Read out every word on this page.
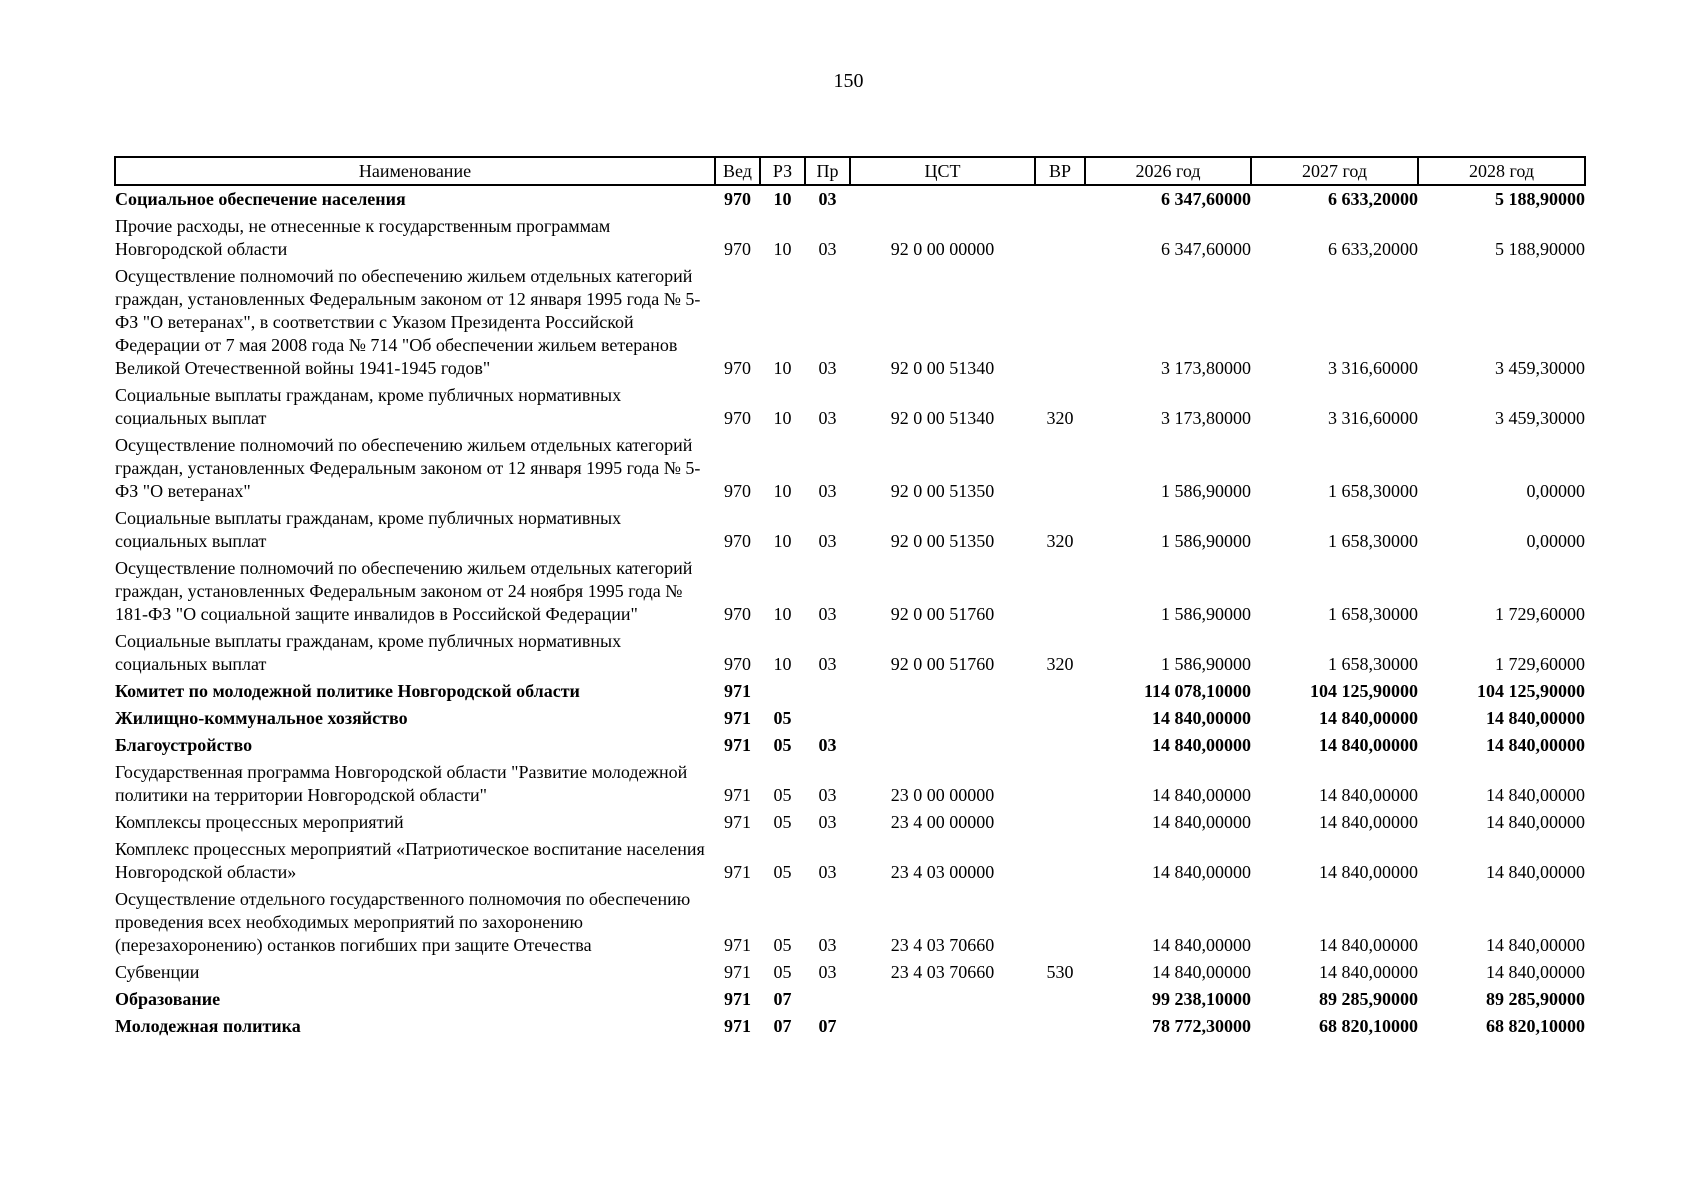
150
Наименование	Вед	РЗ	Пр	ЦСТ	ВР	2026 год	2027 год	2028 год
Социальное обеспечение населения	970	10	03			6 347,60000	6 633,20000	5 188,90000
Прочие расходы, не отнесенные к государственным программам Новгородской области	970	10	03	92 0 00 00000		6 347,60000	6 633,20000	5 188,90000
Осуществление полномочий по обеспечению жильем отдельных категорий граждан, установленных Федеральным законом от 12 января 1995 года № 5-ФЗ "О ветеранах", в соответствии с Указом Президента Российской Федерации от 7 мая 2008 года № 714 "Об обеспечении жильем ветеранов Великой Отечественной войны 1941-1945 годов"	970	10	03	92 0 00 51340		3 173,80000	3 316,60000	3 459,30000
Социальные выплаты гражданам, кроме публичных нормативных социальных выплат	970	10	03	92 0 00 51340	320	3 173,80000	3 316,60000	3 459,30000
Осуществление полномочий по обеспечению жильем отдельных категорий граждан, установленных Федеральным законом от 12 января 1995 года № 5-ФЗ "О ветеранах"	970	10	03	92 0 00 51350		1 586,90000	1 658,30000	0,00000
Социальные выплаты гражданам, кроме публичных нормативных социальных выплат	970	10	03	92 0 00 51350	320	1 586,90000	1 658,30000	0,00000
Осуществление полномочий по обеспечению жильем отдельных категорий граждан, установленных Федеральным законом от 24 ноября 1995 года № 181-ФЗ "О социальной защите инвалидов в Российской Федерации"	970	10	03	92 0 00 51760		1 586,90000	1 658,30000	1 729,60000
Социальные выплаты гражданам, кроме публичных нормативных социальных выплат	970	10	03	92 0 00 51760	320	1 586,90000	1 658,30000	1 729,60000
Комитет по молодежной политике Новгородской области	971					114 078,10000	104 125,90000	104 125,90000
Жилищно-коммунальное хозяйство	971	05				14 840,00000	14 840,00000	14 840,00000
Благоустройство	971	05	03			14 840,00000	14 840,00000	14 840,00000
Государственная программа Новгородской области "Развитие молодежной политики на территории Новгородской области"	971	05	03	23 0 00 00000		14 840,00000	14 840,00000	14 840,00000
Комплексы процессных мероприятий	971	05	03	23 4 00 00000		14 840,00000	14 840,00000	14 840,00000
Комплекс процессных мероприятий «Патриотическое воспитание населения Новгородской области»	971	05	03	23 4 03 00000		14 840,00000	14 840,00000	14 840,00000
Осуществление отдельного государственного полномочия по обеспечению проведения всех необходимых мероприятий по захоронению (перезахоронению) останков погибших при защите Отечества	971	05	03	23 4 03 70660		14 840,00000	14 840,00000	14 840,00000
Субвенции	971	05	03	23 4 03 70660	530	14 840,00000	14 840,00000	14 840,00000
Образование	971	07				99 238,10000	89 285,90000	89 285,90000
Молодежная политика	971	07	07			78 772,30000	68 820,10000	68 820,10000
